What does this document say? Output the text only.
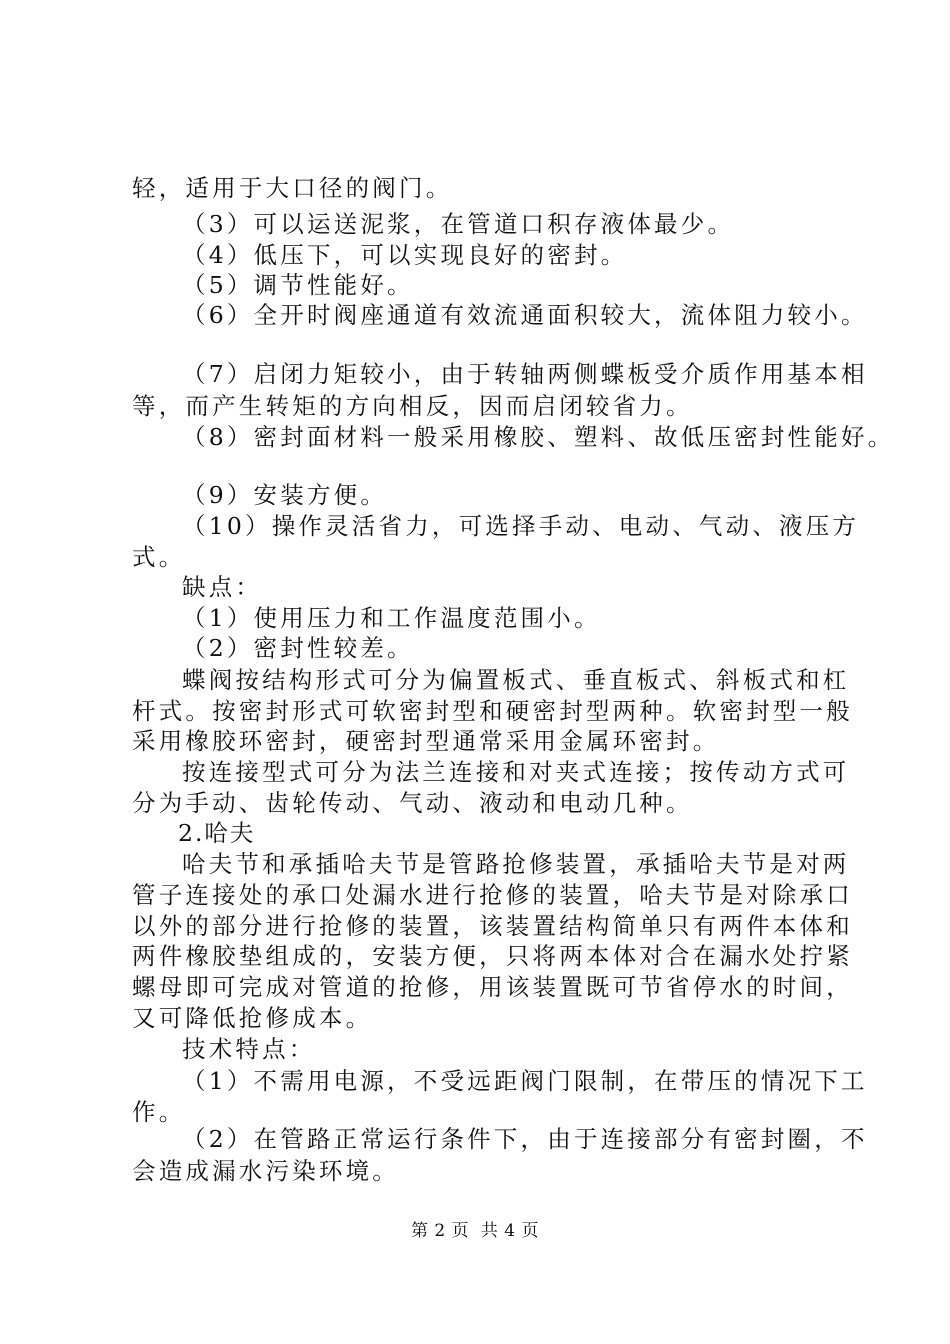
轻，适用于大口径的阀门。
（3）可以运送泥浆，在管道口积存液体最少。
（4）低压下，可以实现良好的密封。
（5）调节性能好。
（6）全开时阀座通道有效流通面积较大，流体阻力较小。
（7）启闭力矩较小，由于转轴两侧蝶板受介质作用基本相
等，而产生转矩的方向相反，因而启闭较省力。
（8）密封面材料一般采用橡胶、塑料、故低压密封性能好。
（9）安装方便。
（10）操作灵活省力，可选择手动、电动、气动、液压方
式。
缺点：
（1）使用压力和工作温度范围小。
（2）密封性较差。
蝶阀按结构形式可分为偏置板式、垂直板式、斜板式和杠
杆式。按密封形式可软密封型和硬密封型两种。软密封型一般
采用橡胶环密封，硬密封型通常采用金属环密封。
按连接型式可分为法兰连接和对夹式连接；按传动方式可
分为手动、齿轮传动、气动、液动和电动几种。
2.哈夫
哈夫节和承插哈夫节是管路抢修装置，承插哈夫节是对两
管子连接处的承口处漏水进行抢修的装置，哈夫节是对除承口
以外的部分进行抢修的装置，该装置结构简单只有两件本体和
两件橡胶垫组成的，安装方便，只将两本体对合在漏水处拧紧
螺母即可完成对管道的抢修，用该装置既可节省停水的时间，
又可降低抢修成本。
技术特点：
（1）不需用电源，不受远距阀门限制，在带压的情况下工
作。
（2）在管路正常运行条件下，由于连接部分有密封圈，不
会造成漏水污染环境。
第 2 页  共 4 页
